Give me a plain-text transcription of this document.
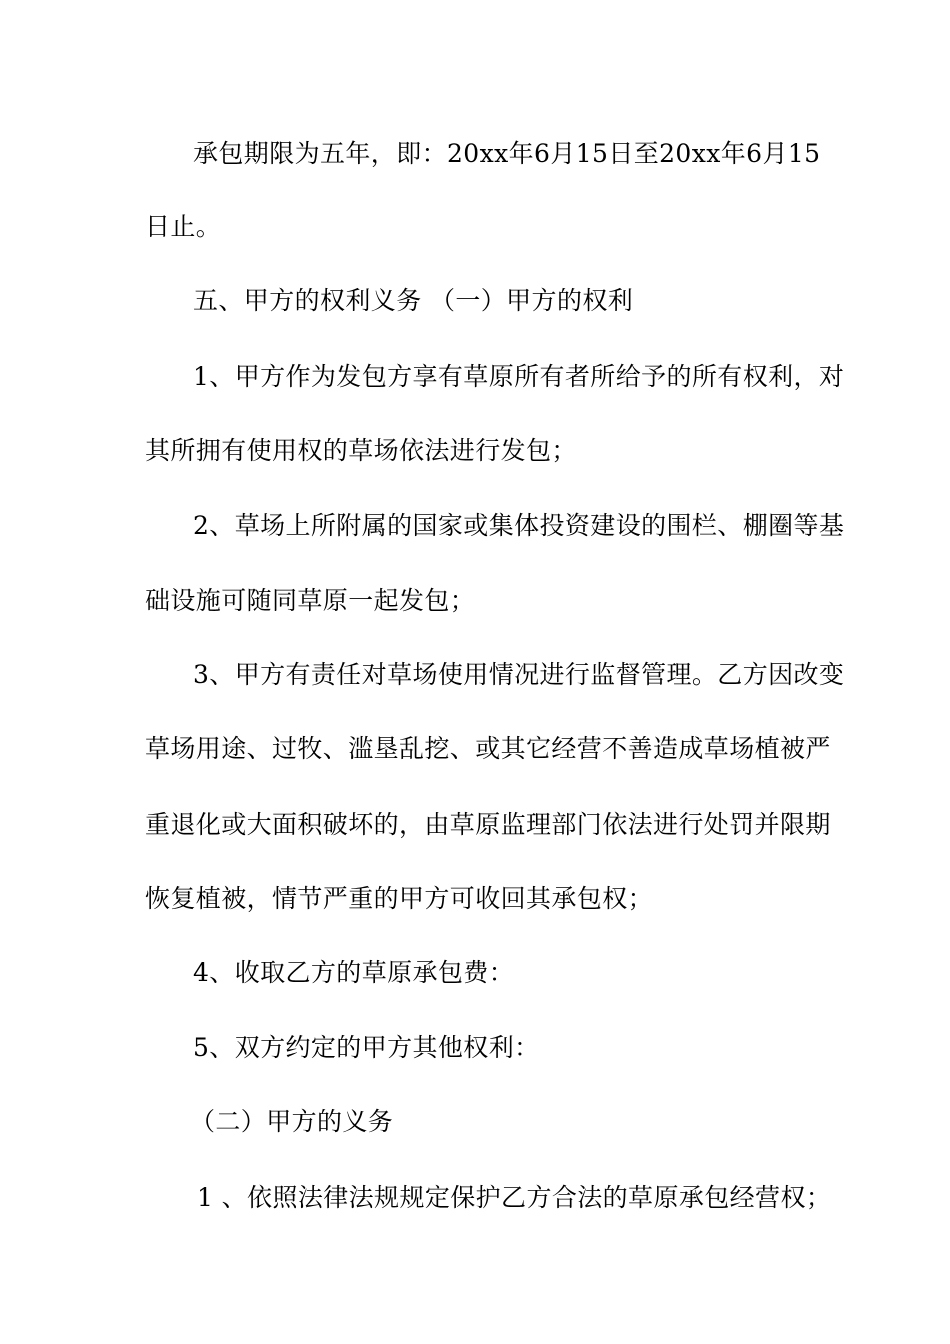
承包期限为五年，即：20xx年6月15日至20xx年6月15
日止。
五、甲方的权利义务 （一）甲方的权利
1、甲方作为发包方享有草原所有者所给予的所有权利，对
其所拥有使用权的草场依法进行发包；
2、草场上所附属的国家或集体投资建设的围栏、棚圈等基
础设施可随同草原一起发包；
3、甲方有责任对草场使用情况进行监督管理。乙方因改变
草场用途、过牧、滥垦乱挖、或其它经营不善造成草场植被严
重退化或大面积破坏的，由草原监理部门依法进行处罚并限期
恢复植被，情节严重的甲方可收回其承包权；
4、收取乙方的草原承包费：
5、双方约定的甲方其他权利：
（二）甲方的义务
1 、依照法律法规规定保护乙方合法的草原承包经营权；
